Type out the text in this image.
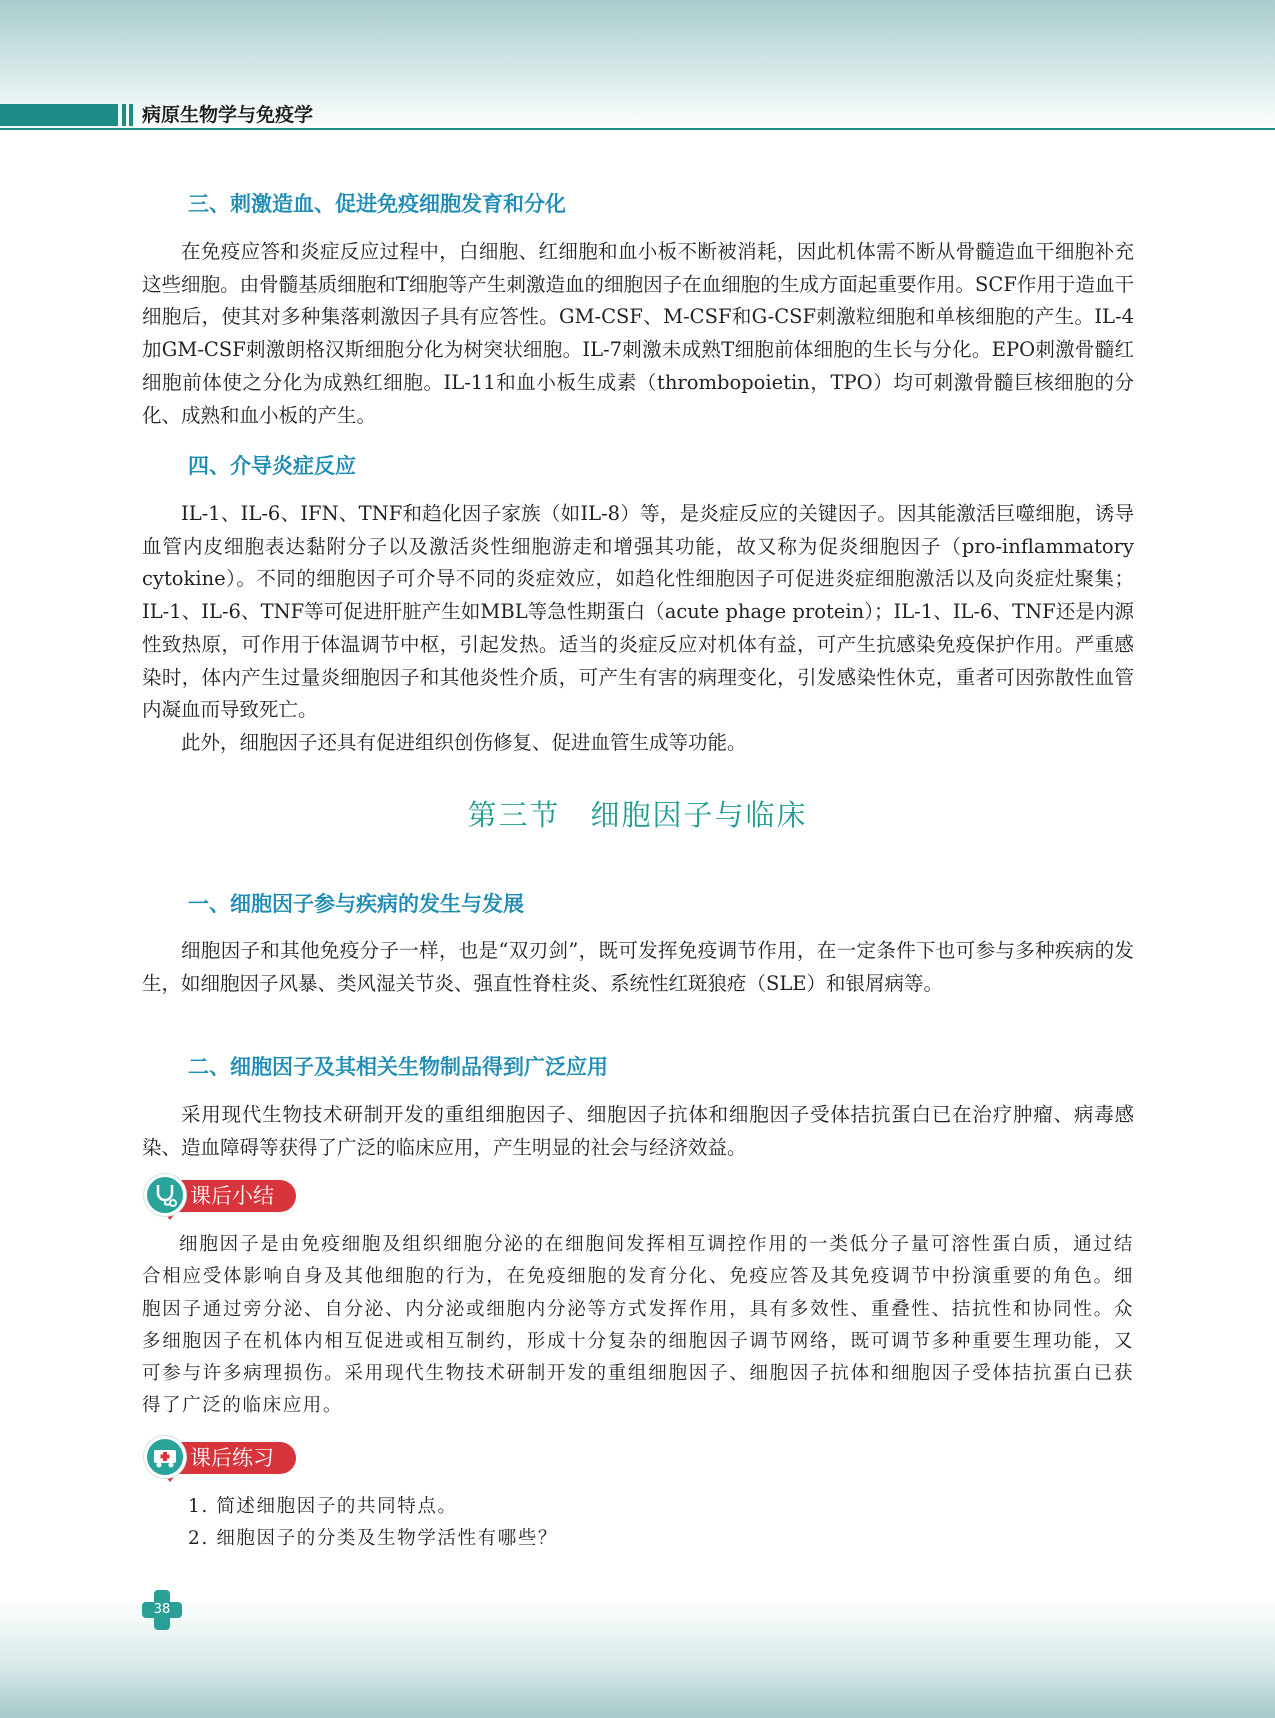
病原生物学与免疫学
三、刺激造血、促进免疫细胞发育和分化

在免疫应答和炎症反应过程中，白细胞、红细胞和血小板不断被消耗，因此机体需不断从骨髓造血干细胞补充这些细胞。由骨髓基质细胞和T细胞等产生刺激造血的细胞因子在血细胞的生成方面起重要作用。SCF作用于造血干细胞后，使其对多种集落刺激因子具有应答性。GM-CSF、M-CSF和G-CSF刺激粒细胞和单核细胞的产生。IL-4加GM-CSF刺激朗格汉斯细胞分化为树突状细胞。IL-7刺激未成熟T细胞前体细胞的生长与分化。EPO刺激骨髓红细胞前体使之分化为成熟红细胞。IL-11和血小板生成素（thrombopoietin，TPO）均可刺激骨髓巨核细胞的分化、成熟和血小板的产生。

四、介导炎症反应

IL-1、IL-6、IFN、TNF和趋化因子家族（如IL-8）等，是炎症反应的关键因子。因其能激活巨噬细胞，诱导血管内皮细胞表达黏附分子以及激活炎性细胞游走和增强其功能，故又称为促炎细胞因子（pro-inflammatory cytokine）。不同的细胞因子可介导不同的炎症效应，如趋化性细胞因子可促进炎症细胞激活以及向炎症灶聚集；IL-1、IL-6、TNF等可促进肝脏产生如MBL等急性期蛋白（acute phage protein）；IL-1、IL-6、TNF还是内源性致热原，可作用于体温调节中枢，引起发热。适当的炎症反应对机体有益，可产生抗感染免疫保护作用。严重感染时，体内产生过量炎细胞因子和其他炎性介质，可产生有害的病理变化，引发感染性休克，重者可因弥散性血管内凝血而导致死亡。

此外，细胞因子还具有促进组织创伤修复、促进血管生成等功能。

一、细胞因子参与疾病的发生与发展

细胞因子和其他免疫分子一样，也是“双刃剑”，既可发挥免疫调节作用，在一定条件下也可参与多种疾病的发生，如细胞因子风暴、类风湿关节炎、强直性脊柱炎、系统性红斑狼疮（SLE）和银屑病等。

二、细胞因子及其相关生物制品得到广泛应用

采用现代生物技术研制开发的重组细胞因子、细胞因子抗体和细胞因子受体拮抗蛋白已在治疗肿瘤、病毒感染、造血障碍等获得了广泛的临床应用，产生明显的社会与经济效益。

细胞因子是由免疫细胞及组织细胞分泌的在细胞间发挥相互调控作用的一类低分子量可溶性蛋白质，通过结合相应受体影响自身及其他细胞的行为，在免疫细胞的发育分化、免疫应答及其免疫调节中扮演重要的角色。细胞因子通过旁分泌、自分泌、内分泌或细胞内分泌等方式发挥作用，具有多效性、重叠性、拮抗性和协同性。众多细胞因子在机体内相互促进或相互制约，形成十分复杂的细胞因子调节网络，既可调节多种重要生理功能，又可参与许多病理损伤。采用现代生物技术研制开发的重组细胞因子、细胞因子抗体和细胞因子受体拮抗蛋白已获得了广泛的临床应用。

1. 简述细胞因子的共同特点。

2. 细胞因子的分类及生物学活性有哪些？

第三节 细胞因子与临床
课后小结
课后练习
38
